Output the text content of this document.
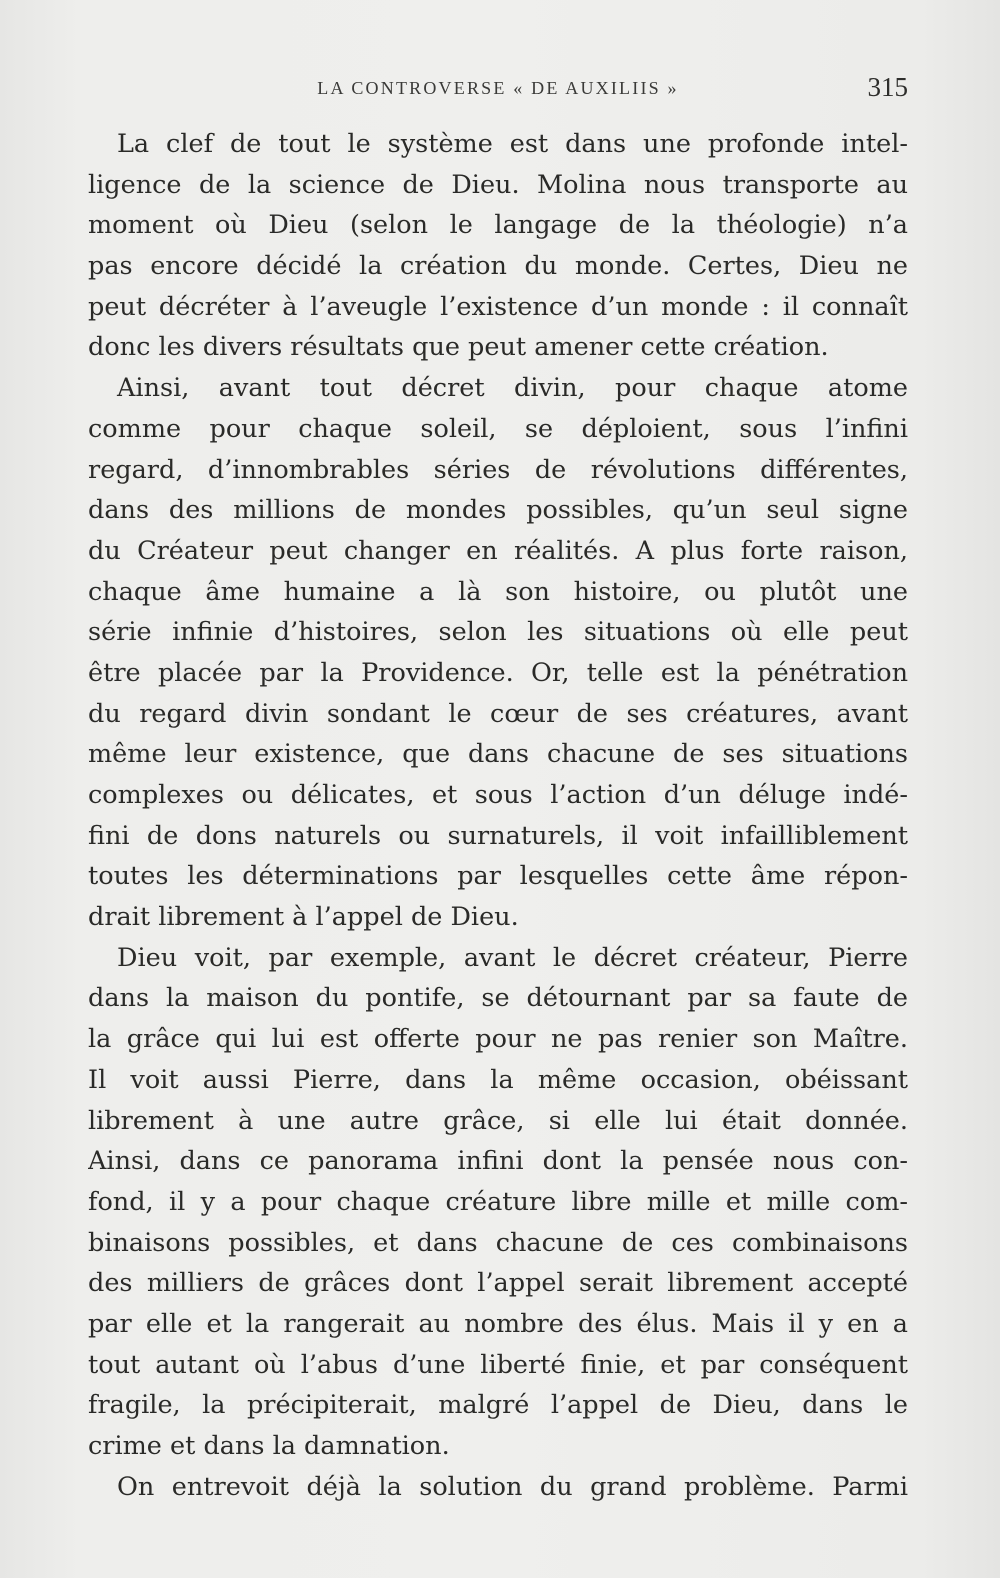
LA CONTROVERSE « DE AUXILIIS »	315
La clef de tout le système est dans une profonde intel-
ligence de la science de Dieu. Molina nous transporte au
moment où Dieu (selon le langage de la théologie) n’a
pas encore décidé la création du monde. Certes, Dieu ne
peut décréter à l’aveugle l’existence d’un monde : il connaît
donc les divers résultats que peut amener cette création.
Ainsi, avant tout décret divin, pour chaque atome
comme pour chaque soleil, se déploient, sous l’infini
regard, d’innombrables séries de révolutions différentes,
dans des millions de mondes possibles, qu’un seul signe
du Créateur peut changer en réalités. A plus forte raison,
chaque âme humaine a là son histoire, ou plutôt une
série infinie d’histoires, selon les situations où elle peut
être placée par la Providence. Or, telle est la pénétration
du regard divin sondant le cœur de ses créatures, avant
même leur existence, que dans chacune de ses situations
complexes ou délicates, et sous l’action d’un déluge indé-
fini de dons naturels ou surnaturels, il voit infailliblement
toutes les déterminations par lesquelles cette âme répon-
drait librement à l’appel de Dieu.
Dieu voit, par exemple, avant le décret créateur, Pierre
dans la maison du pontife, se détournant par sa faute de
la grâce qui lui est offerte pour ne pas renier son Maître.
Il voit aussi Pierre, dans la même occasion, obéissant
librement à une autre grâce, si elle lui était donnée.
Ainsi, dans ce panorama infini dont la pensée nous con-
fond, il y a pour chaque créature libre mille et mille com-
binaisons possibles, et dans chacune de ces combinaisons
des milliers de grâces dont l’appel serait librement accepté
par elle et la rangerait au nombre des élus. Mais il y en a
tout autant où l’abus d’une liberté finie, et par conséquent
fragile, la précipiterait, malgré l’appel de Dieu, dans le
crime et dans la damnation.
On entrevoit déjà la solution du grand problème. Parmi
